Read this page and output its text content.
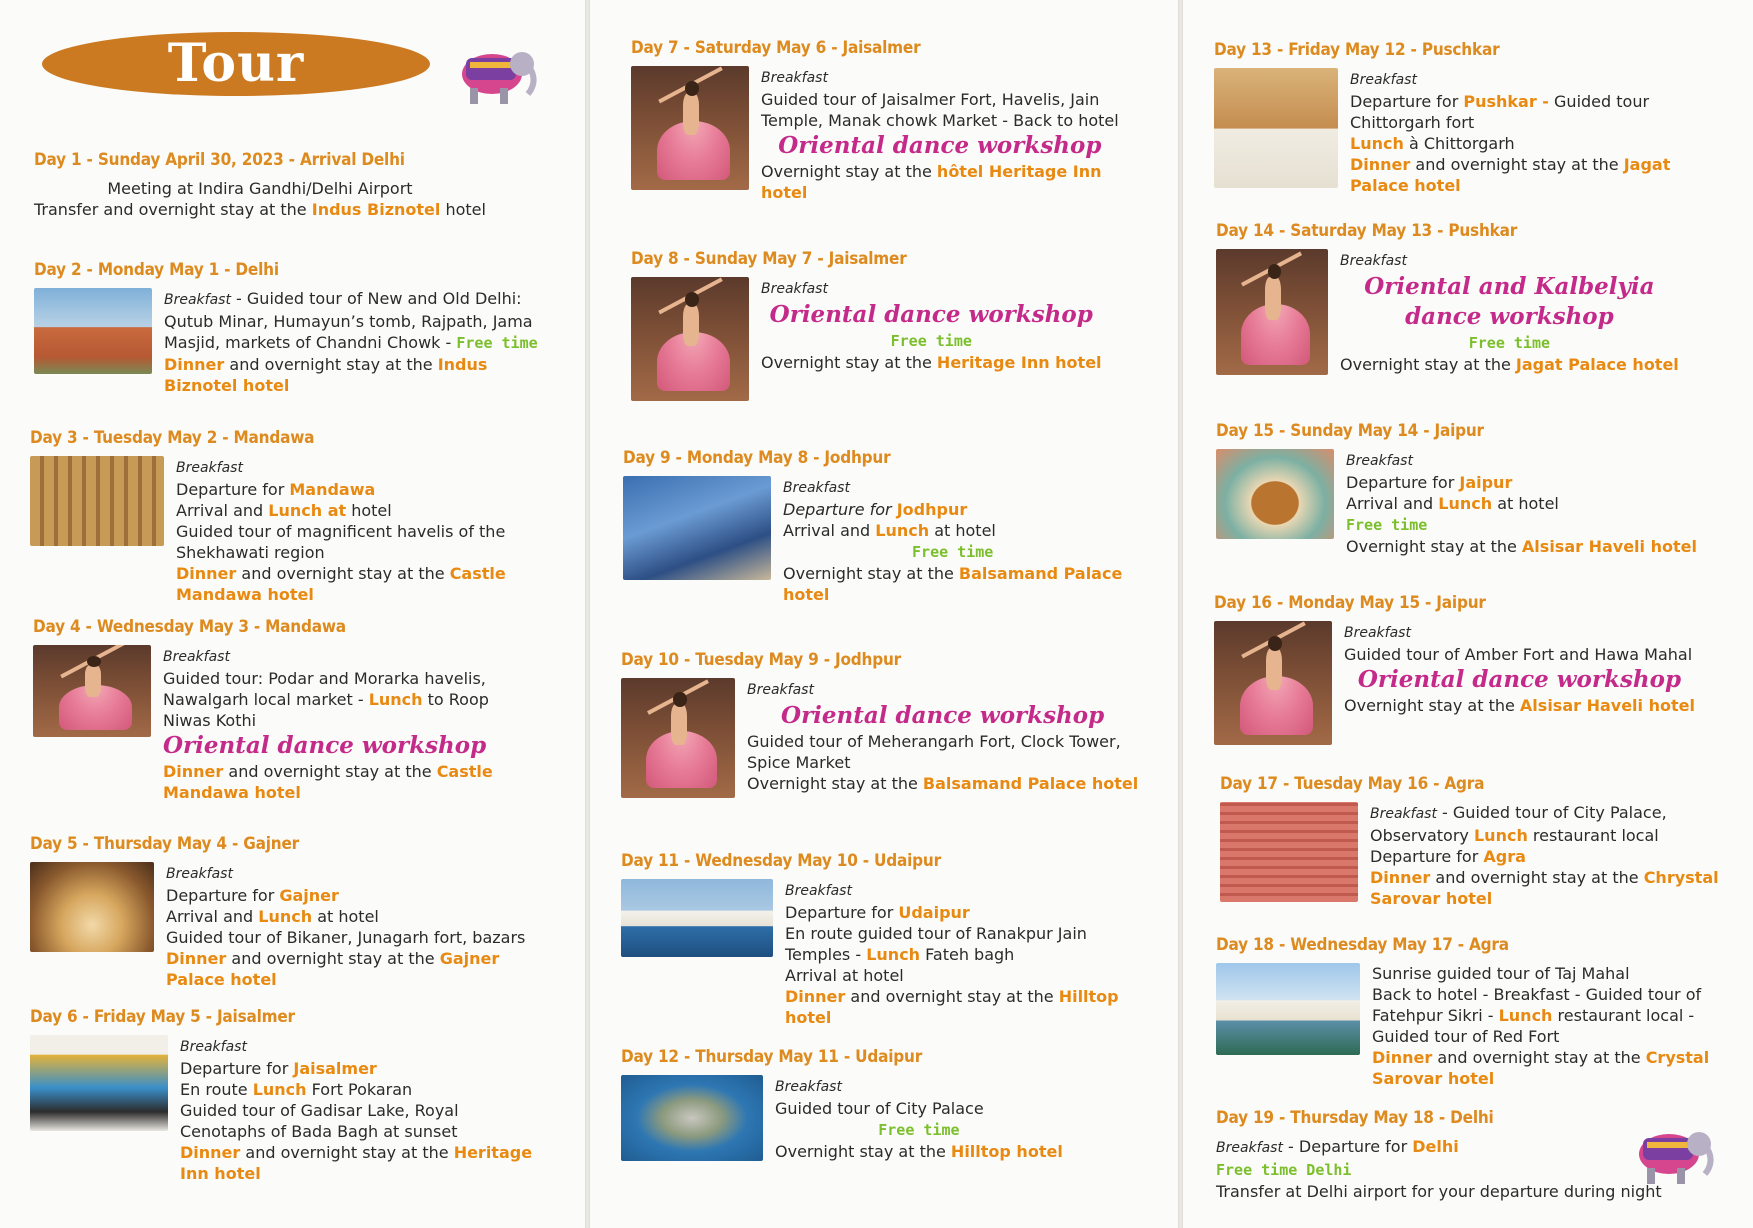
Tour
Day 1 - Sunday April 30, 2023 - Arrival Delhi
Meeting at Indira Gandhi/Delhi Airport
Transfer and overnight stay at the Indus Biznotel hotel
Day 2 - Monday May 1 - Delhi
Breakfast - Guided tour of New and Old Delhi:
Qutub Minar, Humayun’s tomb, Rajpath, Jama
Masjid, markets of Chandni Chowk - Free time
Dinner and overnight stay at the Indus
Biznotel hotel
Day 3 - Tuesday May 2 - Mandawa
Breakfast
Departure for Mandawa
Arrival and Lunch at hotel
Guided tour of magnificent havelis of the
Shekhawati region
Dinner and overnight stay at the Castle
Mandawa hotel
Day 4 - Wednesday May 3 - Mandawa
Breakfast
Guided tour: Podar and Morarka havelis,
Nawalgarh local market - Lunch to Roop
Niwas Kothi
Oriental dance workshop
Dinner and overnight stay at the Castle
Mandawa hotel
Day 5 - Thursday May 4 - Gajner
Breakfast
Departure for Gajner
Arrival and Lunch at hotel
Guided tour of Bikaner, Junagarh fort, bazars
Dinner and overnight stay at the Gajner
Palace hotel
Day 6 - Friday May 5 - Jaisalmer
Breakfast
Departure for Jaisalmer
En route Lunch Fort Pokaran
Guided tour of Gadisar Lake, Royal
Cenotaphs of Bada Bagh at sunset
Dinner and overnight stay at the Heritage
Inn hotel
Day 7 - Saturday May 6 - Jaisalmer
Breakfast
Guided tour of Jaisalmer Fort, Havelis, Jain
Temple, Manak chowk Market - Back to hotel
Oriental dance workshop
Overnight stay at the hôtel Heritage Inn
hotel
Day 8 - Sunday May 7 - Jaisalmer
Breakfast
Oriental dance workshop
Free time
Overnight stay at the Heritage Inn hotel
Day 9 - Monday May 8 - Jodhpur
Breakfast
Departure for Jodhpur
Arrival and Lunch at hotel
Free time
Overnight stay at the Balsamand Palace
hotel
Day 10 - Tuesday May 9 - Jodhpur
Breakfast
Oriental dance workshop
Guided tour of Meherangarh Fort, Clock Tower,
Spice Market
Overnight stay at the Balsamand Palace hotel
Day 11 - Wednesday May 10 - Udaipur
Breakfast
Departure for Udaipur
En route guided tour of Ranakpur Jain
Temples - Lunch Fateh bagh
Arrival at hotel
Dinner and overnight stay at the Hilltop
hotel
Day 12 - Thursday May 11 - Udaipur
Breakfast
Guided tour of City Palace
Free time
Overnight stay at the Hilltop hotel
Day 13 - Friday May 12 - Puschkar
Breakfast
Departure for Pushkar - Guided tour
Chittorgarh fort
Lunch à Chittorgarh
Dinner and overnight stay at the Jagat
Palace hotel
Day 14 - Saturday May 13 - Pushkar
Breakfast
Oriental and Kalbelyia
dance workshop
Free time
Overnight stay at the Jagat Palace hotel
Day 15 - Sunday May 14 - Jaipur
Breakfast
Departure for Jaipur
Arrival and Lunch at hotel
Free time
Overnight stay at the Alsisar Haveli hotel
Day 16 - Monday May 15 - Jaipur
Breakfast
Guided tour of Amber Fort and Hawa Mahal
Oriental dance workshop
Overnight stay at the Alsisar Haveli hotel
Day 17 - Tuesday May 16 - Agra
Breakfast - Guided tour of City Palace,
Observatory Lunch restaurant local
Departure for Agra
Dinner and overnight stay at the Chrystal
Sarovar hotel
Day 18 - Wednesday May 17 - Agra
Sunrise guided tour of Taj Mahal
Back to hotel - Breakfast - Guided tour of
Fatehpur Sikri - Lunch restaurant local -
Guided tour of Red Fort
Dinner and overnight stay at the Crystal
Sarovar hotel
Day 19 - Thursday May 18 - Delhi
Breakfast - Departure for Delhi
Free time Delhi
Transfer at Delhi airport for your departure during night
